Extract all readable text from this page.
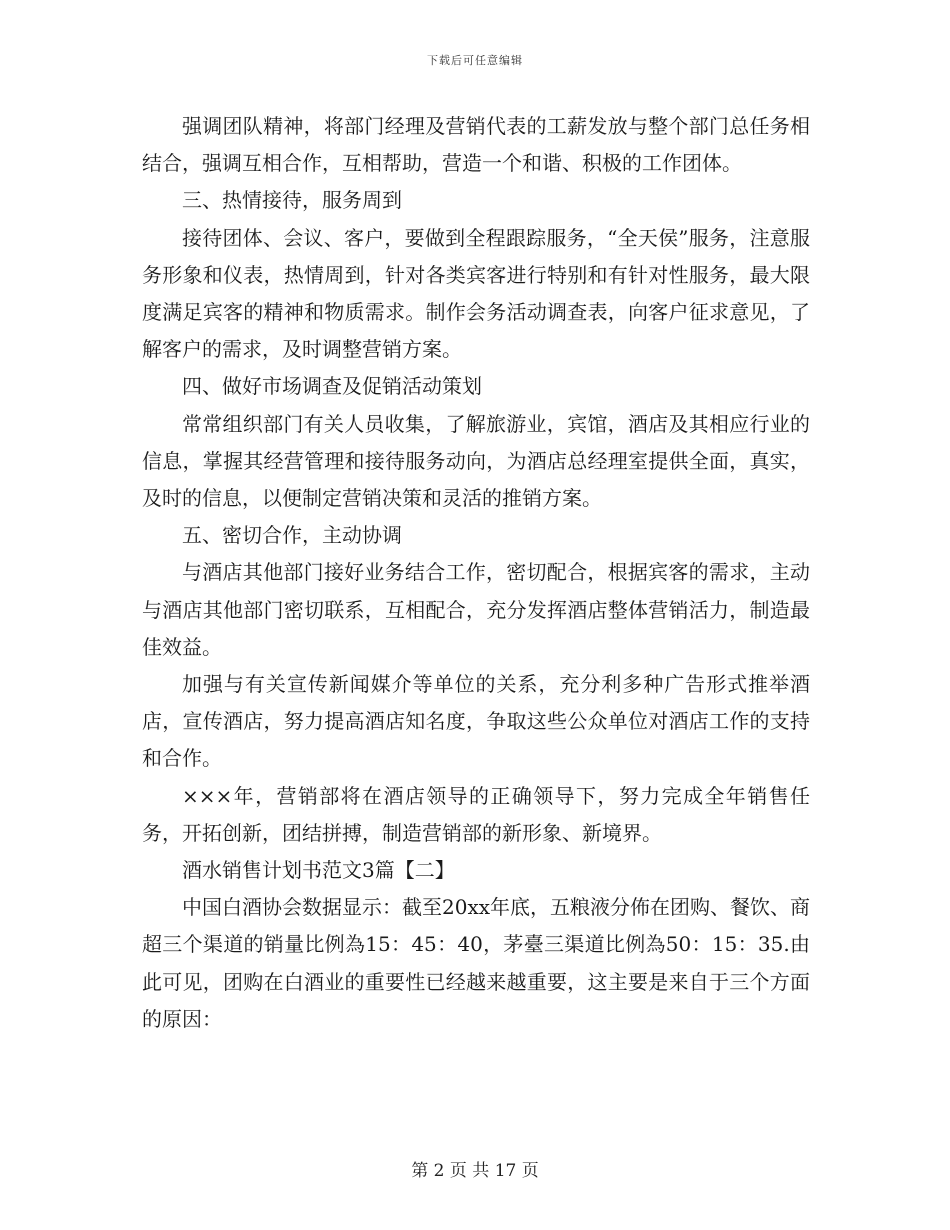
下载后可任意编辑

强调团队精神，将部门经理及营销代表的工薪发放与整个部门总任务相结合，强调互相合作，互相帮助，营造一个和谐、积极的工作团体。

三、热情接待，服务周到

接待团体、会议、客户，要做到全程跟踪服务，“全天侯”服务，注意服务形象和仪表，热情周到，针对各类宾客进行特别和有针对性服务，最大限度满足宾客的精神和物质需求。制作会务活动调查表，向客户征求意见，了解客户的需求，及时调整营销方案。

四、做好市场调查及促销活动策划

常常组织部门有关人员收集，了解旅游业，宾馆，酒店及其相应行业的信息，掌握其经营管理和接待服务动向，为酒店总经理室提供全面，真实，及时的信息，以便制定营销决策和灵活的推销方案。

五、密切合作，主动协调

与酒店其他部门接好业务结合工作，密切配合，根据宾客的需求，主动与酒店其他部门密切联系，互相配合，充分发挥酒店整体营销活力，制造最佳效益。

加强与有关宣传新闻媒介等单位的关系，充分利多种广告形式推举酒店，宣传酒店，努力提高酒店知名度，争取这些公众单位对酒店工作的支持和合作。

×××年，营销部将在酒店领导的正确领导下，努力完成全年销售任务，开拓创新，团结拼搏，制造营销部的新形象、新境界。

酒水销售计划书范文3篇【二】

中国白酒协会数据显示：截至20xx年底，五粮液分佈在团购、餐饮、商超三个渠道的销量比例為15：45：40，茅臺三渠道比例為50：15：35.由此可见，团购在白酒业的重要性已经越来越重要，这主要是来自于三个方面的原因：

第 2 页 共 17 页
